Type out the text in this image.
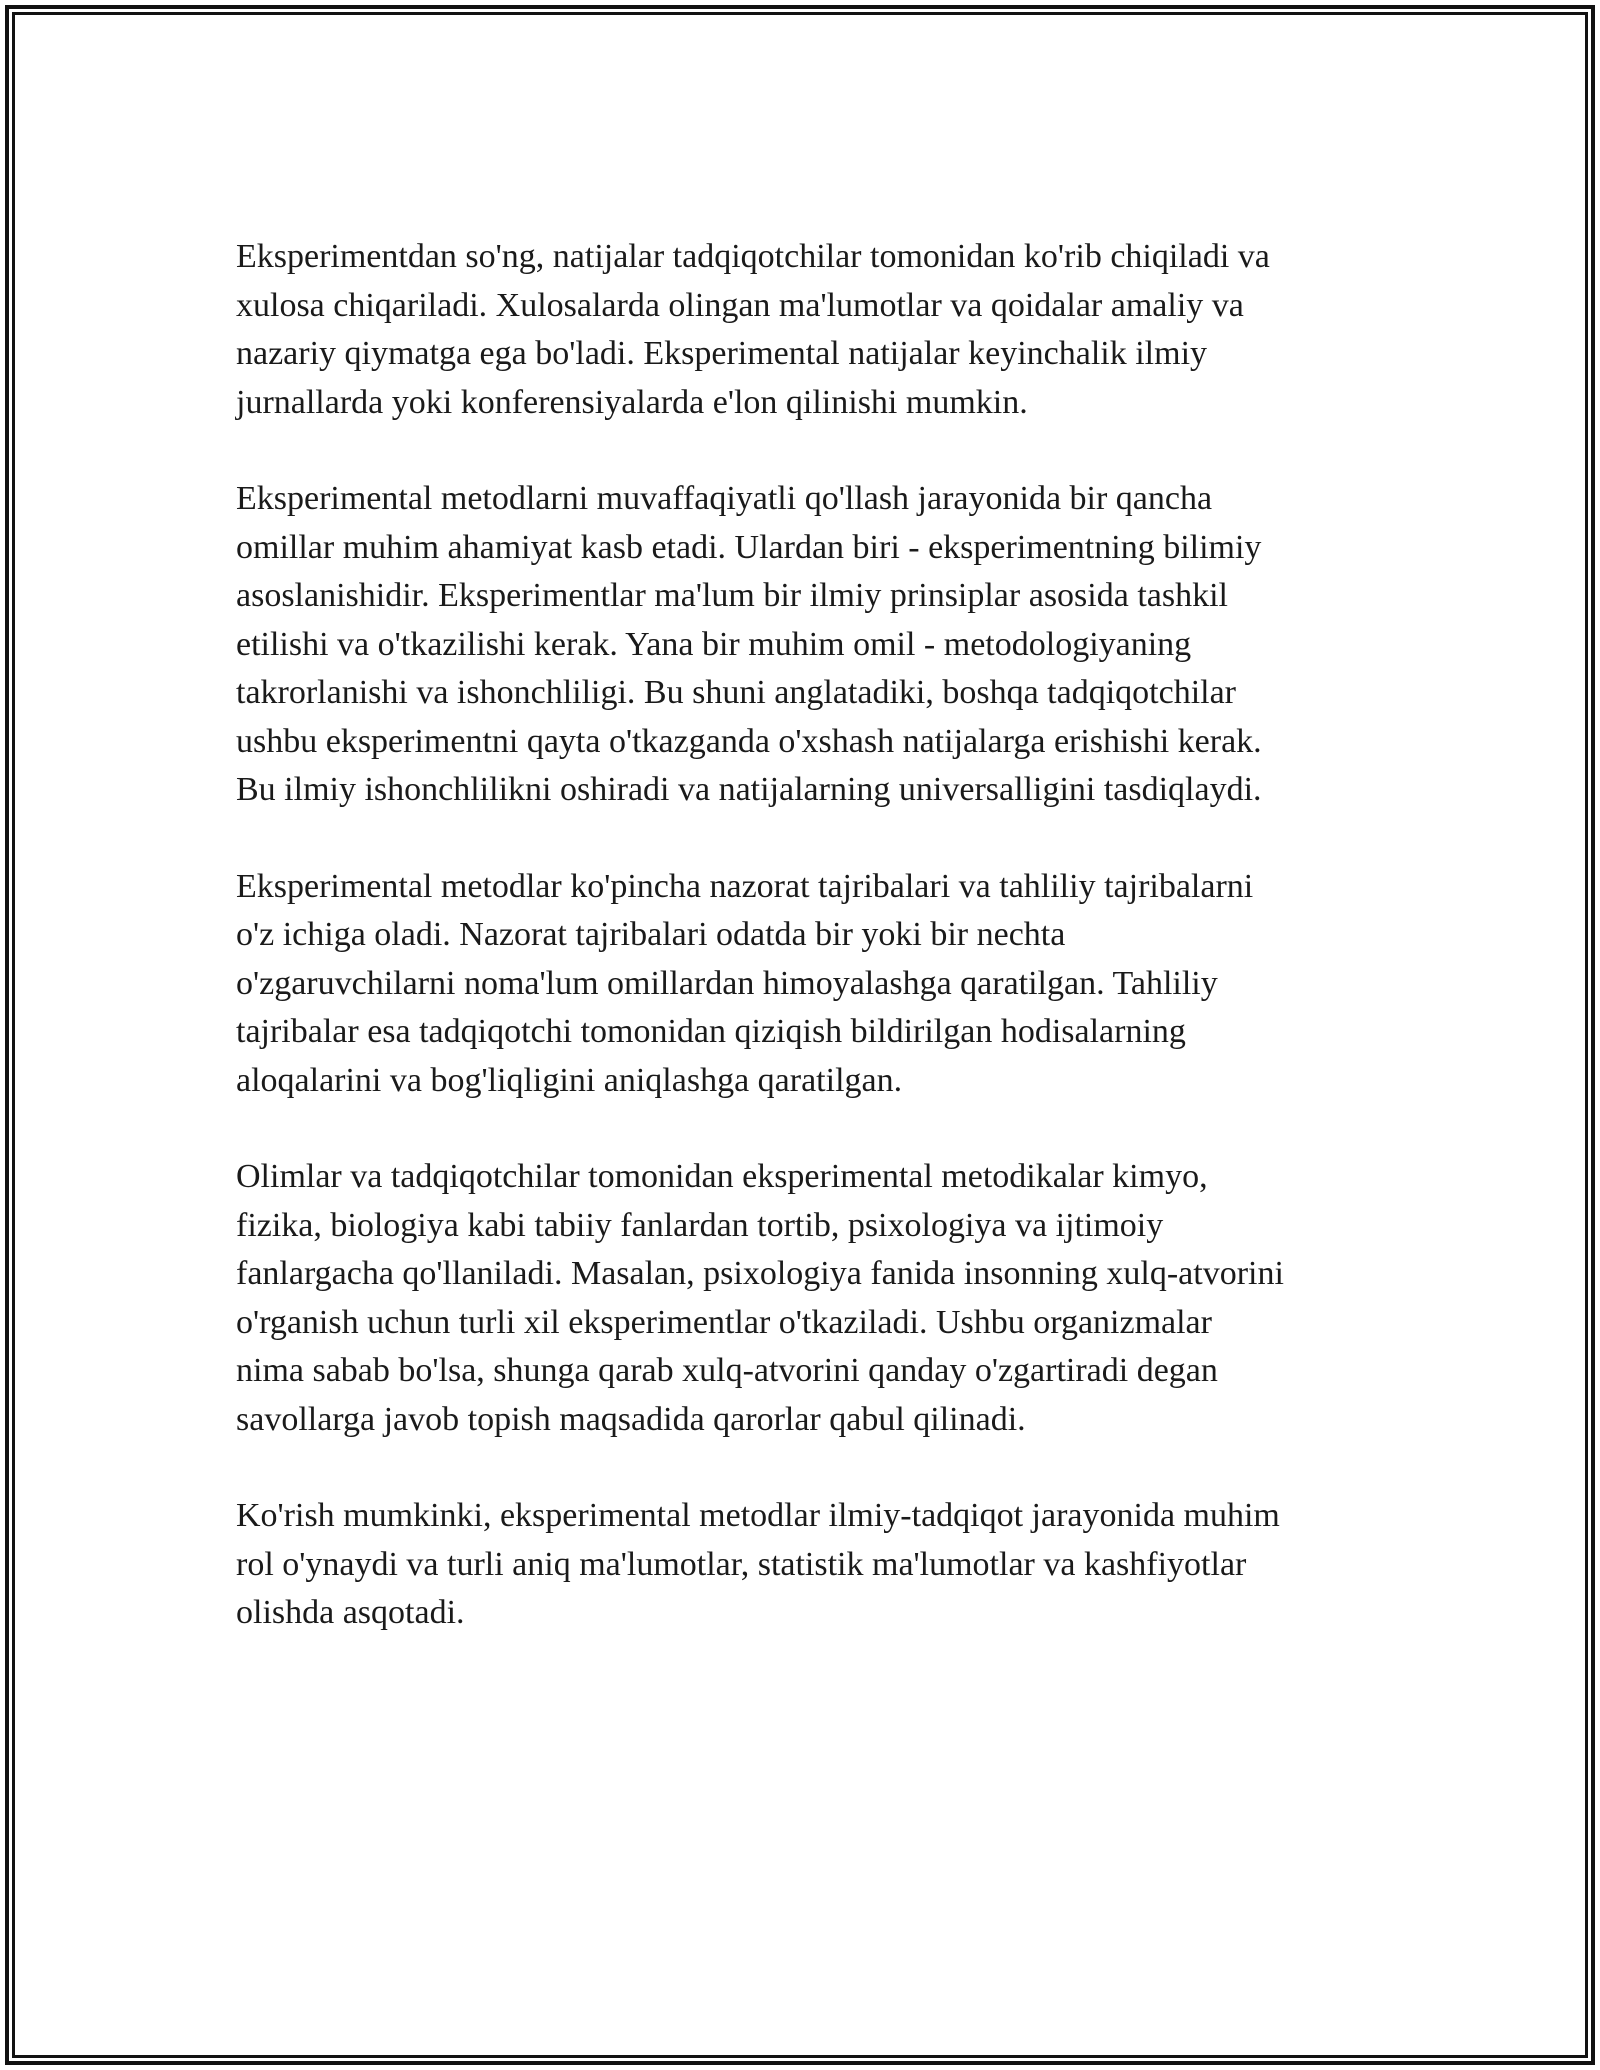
Eksperimentdan so'ng, natijalar tadqiqotchilar tomonidan ko'rib chiqiladi va
xulosa chiqariladi. Xulosalarda olingan ma'lumotlar va qoidalar amaliy va
nazariy qiymatga ega bo'ladi. Eksperimental natijalar keyinchalik ilmiy
jurnallarda yoki konferensiyalarda e'lon qilinishi mumkin.

Eksperimental metodlarni muvaffaqiyatli qo'llash jarayonida bir qancha
omillar muhim ahamiyat kasb etadi. Ulardan biri - eksperimentning bilimiy
asoslanishidir. Eksperimentlar ma'lum bir ilmiy prinsiplar asosida tashkil
etilishi va o'tkazilishi kerak. Yana bir muhim omil - metodologiyaning
takrorlanishi va ishonchliligi. Bu shuni anglatadiki, boshqa tadqiqotchilar
ushbu eksperimentni qayta o'tkazganda o'xshash natijalarga erishishi kerak.
Bu ilmiy ishonchlilikni oshiradi va natijalarning universalligini tasdiqlaydi.

Eksperimental metodlar ko'pincha nazorat tajribalari va tahliliy tajribalarni
o'z ichiga oladi. Nazorat tajribalari odatda bir yoki bir nechta
o'zgaruvchilarni noma'lum omillardan himoyalashga qaratilgan. Tahliliy
tajribalar esa tadqiqotchi tomonidan qiziqish bildirilgan hodisalarning
aloqalarini va bog'liqligini aniqlashga qaratilgan.

Olimlar va tadqiqotchilar tomonidan eksperimental metodikalar kimyo,
fizika, biologiya kabi tabiiy fanlardan tortib, psixologiya va ijtimoiy
fanlargacha qo'llaniladi. Masalan, psixologiya fanida insonning xulq-atvorini
o'rganish uchun turli xil eksperimentlar o'tkaziladi. Ushbu organizmalar
nima sabab bo'lsa, shunga qarab xulq-atvorini qanday o'zgartiradi degan
savollarga javob topish maqsadida qarorlar qabul qilinadi.

Ko'rish mumkinki, eksperimental metodlar ilmiy-tadqiqot jarayonida muhim
rol o'ynaydi va turli aniq ma'lumotlar, statistik ma'lumotlar va kashfiyotlar
olishda asqotadi.
